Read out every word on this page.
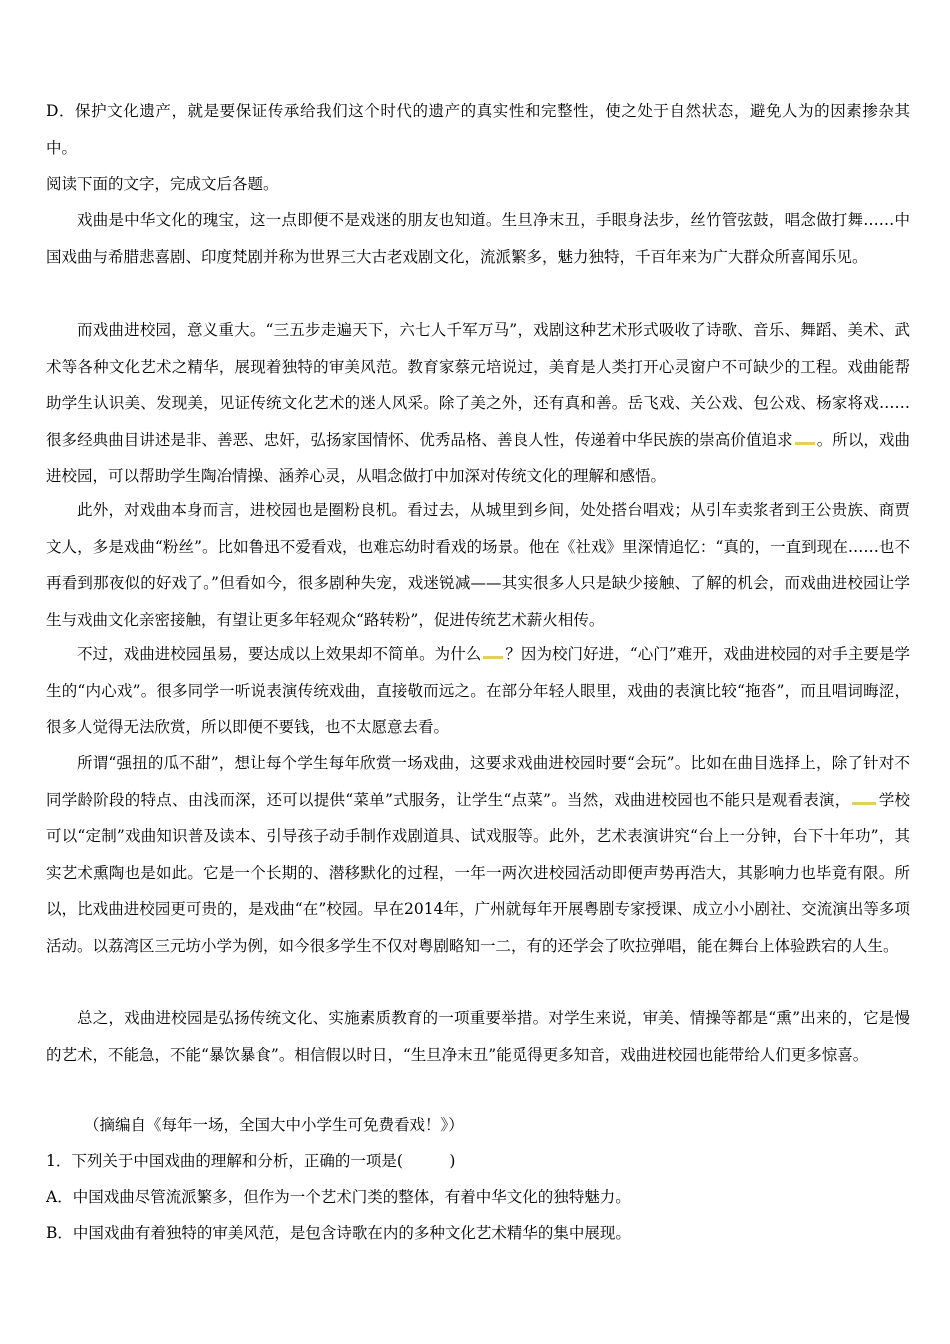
D．保护文化遗产，就是要保证传承给我们这个时代的遗产的真实性和完整性，使之处于自然状态，避免人为的因素掺杂其中。
阅读下面的文字，完成文后各题。
戏曲是中华文化的瑰宝，这一点即便不是戏迷的朋友也知道。生旦净末丑，手眼身法步，丝竹管弦鼓，唱念做打舞……中国戏曲与希腊悲喜剧、印度梵剧并称为世界三大古老戏剧文化，流派繁多，魅力独特，千百年来为广大群众所喜闻乐见。
而戏曲进校园，意义重大。“三五步走遍天下，六七人千军万马”，戏剧这种艺术形式吸收了诗歌、音乐、舞蹈、美术、武术等各种文化艺术之精华，展现着独特的审美风范。教育家蔡元培说过，美育是人类打开心灵窗户不可缺少的工程。戏曲能帮助学生认识美、发现美，见证传统文化艺术的迷人风采。除了美之外，还有真和善。岳飞戏、关公戏、包公戏、杨家将戏……很多经典曲目讲述是非、善恶、忠奸，弘扬家国情怀、优秀品格、善良人性，传递着中华民族的崇高价值追求 。所以，戏曲进校园，可以帮助学生陶冶情操、涵养心灵，从唱念做打中加深对传统文化的理解和感悟。
此外，对戏曲本身而言，进校园也是圈粉良机。看过去，从城里到乡间，处处搭台唱戏；从引车卖浆者到王公贵族、商贾文人，多是戏曲“粉丝”。比如鲁迅不爱看戏，也难忘幼时看戏的场景。他在《社戏》里深情追忆：“真的，一直到现在……也不再看到那夜似的好戏了。”但看如今，很多剧种失宠，戏迷锐减——其实很多人只是缺少接触、了解的机会，而戏曲进校园让学生与戏曲文化亲密接触，有望让更多年轻观众“路转粉”，促进传统艺术薪火相传。
不过，戏曲进校园虽易，要达成以上效果却不简单。为什么 ？因为校门好进，“心门”难开，戏曲进校园的对手主要是学生的“内心戏”。很多同学一听说表演传统戏曲，直接敬而远之。在部分年轻人眼里，戏曲的表演比较“拖沓”，而且唱词晦涩，很多人觉得无法欣赏，所以即便不要钱，也不太愿意去看。
所谓“强扭的瓜不甜”，想让每个学生每年欣赏一场戏曲，这要求戏曲进校园时要“会玩”。比如在曲目选择上，除了针对不同学龄阶段的特点、由浅而深，还可以提供“菜单”式服务，让学生“点菜”。当然，戏曲进校园也不能只是观看表演， 学校可以“定制”戏曲知识普及读本、引导孩子动手制作戏剧道具、试戏服等。此外，艺术表演讲究“台上一分钟，台下十年功”，其实艺术熏陶也是如此。它是一个长期的、潜移默化的过程，一年一两次进校园活动即便声势再浩大，其影响力也毕竟有限。所以，比戏曲进校园更可贵的，是戏曲“在”校园。早在2014年，广州就每年开展粤剧专家授课、成立小小剧社、交流演出等多项活动。以荔湾区三元坊小学为例，如今很多学生不仅对粤剧略知一二，有的还学会了吹拉弹唱，能在舞台上体验跌宕的人生。
总之，戏曲进校园是弘扬传统文化、实施素质教育的一项重要举措。对学生来说，审美、情操等都是“熏”出来的，它是慢的艺术，不能急，不能“暴饮暴食”。相信假以时日，“生旦净末丑”能觅得更多知音，戏曲进校园也能带给人们更多惊喜。
（摘编自《每年一场，全国大中小学生可免费看戏！》）
1．下列关于中国戏曲的理解和分析，正确的一项是(　　　)
A．中国戏曲尽管流派繁多，但作为一个艺术门类的整体，有着中华文化的独特魅力。
B．中国戏曲有着独特的审美风范，是包含诗歌在内的多种文化艺术精华的集中展现。
